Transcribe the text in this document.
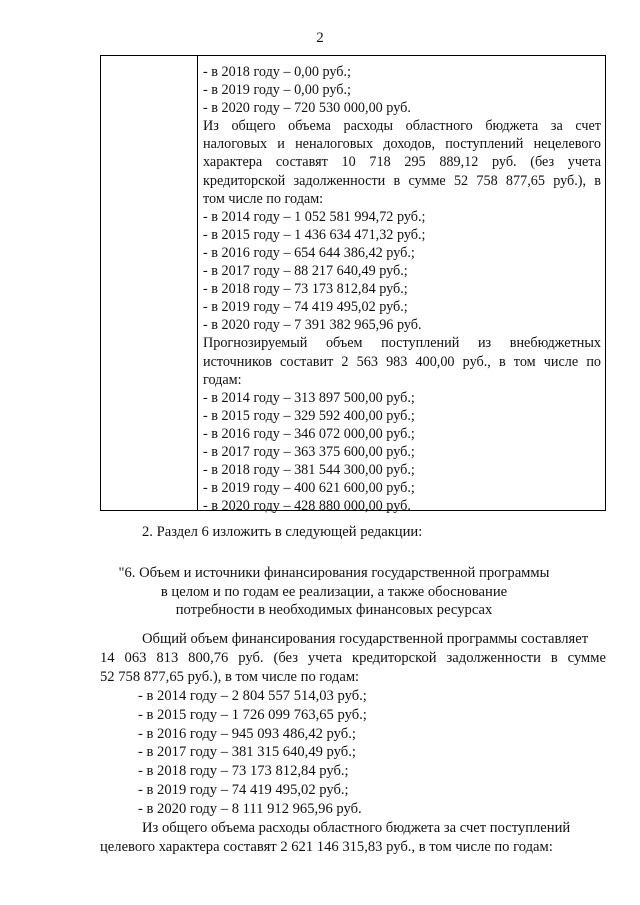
2
- в 2018 году – 0,00 руб.;
- в 2019 году – 0,00 руб.;
- в 2020 году – 720 530 000,00 руб.
Из общего объема расходы областного бюджета за счет
налоговых и неналоговых доходов, поступлений нецелевого
характера составят 10 718 295 889,12 руб. (без учета
кредиторской задолженности в сумме 52 758 877,65 руб.), в
том числе по годам:
- в 2014 году – 1 052 581 994,72 руб.;
- в 2015 году – 1 436 634 471,32 руб.;
- в 2016 году – 654 644 386,42 руб.;
- в 2017 году – 88 217 640,49 руб.;
- в 2018 году – 73 173 812,84 руб.;
- в 2019 году – 74 419 495,02 руб.;
- в 2020 году – 7 391 382 965,96 руб.
Прогнозируемый объем поступлений из внебюджетных
источников составит 2 563 983 400,00 руб., в том числе по
годам:
- в 2014 году – 313 897 500,00 руб.;
- в 2015 году – 329 592 400,00 руб.;
- в 2016 году – 346 072 000,00 руб.;
- в 2017 году – 363 375 600,00 руб.;
- в 2018 году – 381 544 300,00 руб.;
- в 2019 году – 400 621 600,00 руб.;
- в 2020 году – 428 880 000,00 руб.
2. Раздел 6 изложить в следующей редакции:
"6. Объем и источники финансирования государственной программы
в целом и по годам ее реализации, а также обоснование
потребности в необходимых финансовых ресурсах
Общий объем финансирования государственной программы составляет
14 063 813 800,76 руб. (без учета кредиторской задолженности в сумме
52 758 877,65 руб.), в том числе по годам:
- в 2014 году – 2 804 557 514,03 руб.;
- в 2015 году – 1 726 099 763,65 руб.;
- в 2016 году – 945 093 486,42 руб.;
- в 2017 году – 381 315 640,49 руб.;
- в 2018 году – 73 173 812,84 руб.;
- в 2019 году – 74 419 495,02 руб.;
- в 2020 году – 8 111 912 965,96 руб.
Из общего объема расходы областного бюджета за счет поступлений
целевого характера составят 2 621 146 315,83 руб., в том числе по годам:
